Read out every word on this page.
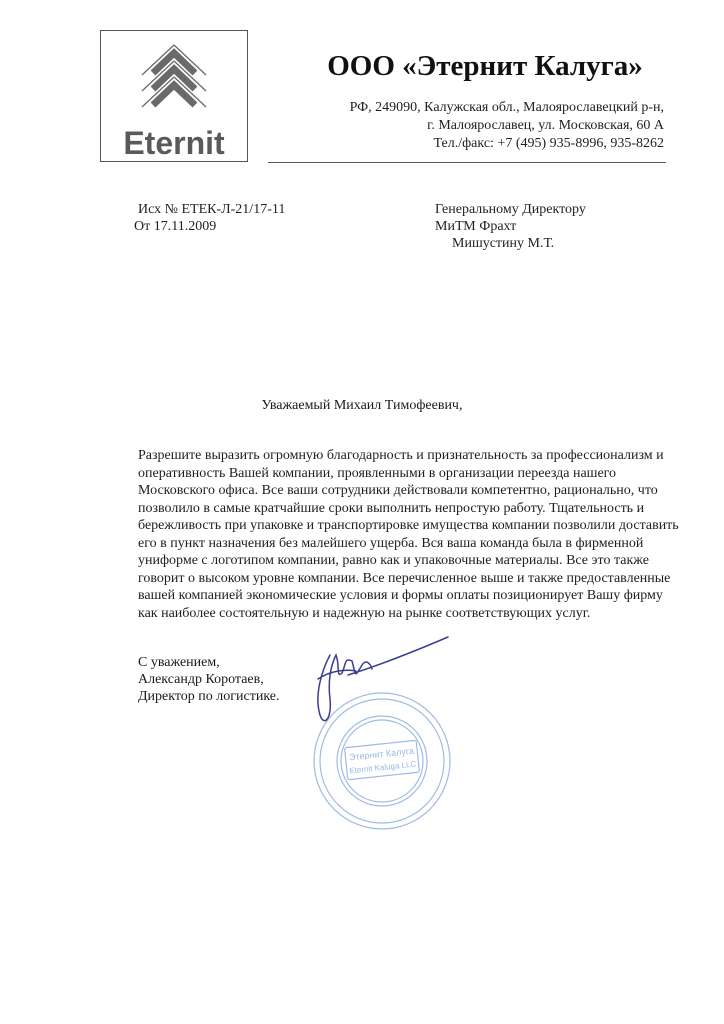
Eternit
ООО «Этернит Калуга»
РФ, 249090, Калужская обл., Малоярославецкий р-н,
г. Малоярославец, ул. Московская, 60 А
Тел./факс: +7 (495) 935-8996, 935-8262
Исх № ЕТЕК-Л-21/17-11
От 17.11.2009
Генеральному Директору
МиТМ Фрахт
Мишустину М.Т.
Уважаемый Михаил Тимофеевич,
Разрешите выразить огромную благодарность и признательность за профессионализм и
оперативность Вашей компании, проявленными в организации переезда нашего
Московского офиса. Все ваши сотрудники действовали компетентно, рационально, что
позволило в самые кратчайшие сроки выполнить непростую работу. Тщательность и
бережливость при упаковке и транспортировке имущества компании позволили доставить
его в пункт назначения без малейшего ущерба. Вся ваша команда была в фирменной
униформе с логотипом компании, равно как и упаковочные материалы. Все это также
говорит о высоком уровне компании. Все перечисленное выше и также предоставленные
вашей компанией экономические условия и формы оплаты позиционирует Вашу фирму
как наиболее состоятельную и надежную на рынке соответствующих услуг.
С уважением,
Александр Коротаев,
Директор по логистике.
Этернит Калуга
Eternit Kaluga LLC
